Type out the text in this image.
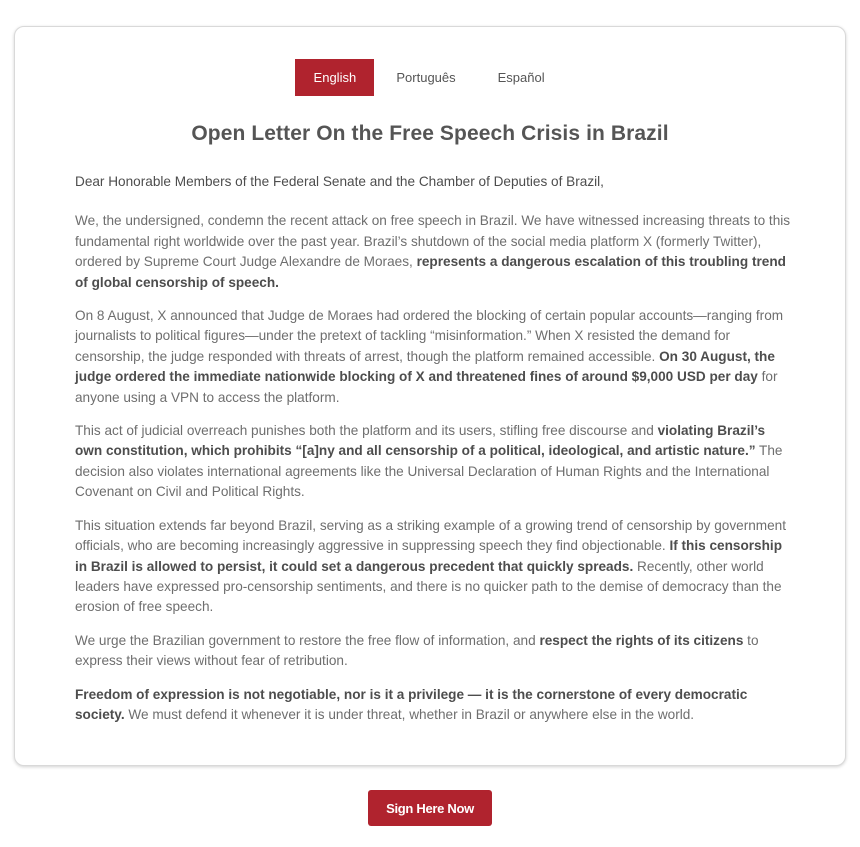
English	Português	Español
Open Letter On the Free Speech Crisis in Brazil

Dear Honorable Members of the Federal Senate and the Chamber of Deputies of Brazil,

We, the undersigned, condemn the recent attack on free speech in Brazil. We have witnessed increasing threats to this fundamental right worldwide over the past year. Brazil’s shutdown of the social media platform X (formerly Twitter), ordered by Supreme Court Judge Alexandre de Moraes, represents a dangerous escalation of this troubling trend of global censorship of speech.

On 8 August, X announced that Judge de Moraes had ordered the blocking of certain popular accounts—ranging from journalists to political figures—under the pretext of tackling “misinformation.” When X resisted the demand for censorship, the judge responded with threats of arrest, though the platform remained accessible. On 30 August, the judge ordered the immediate nationwide blocking of X and threatened fines of around $9,000 USD per day for anyone using a VPN to access the platform.

This act of judicial overreach punishes both the platform and its users, stifling free discourse and violating Brazil’s own constitution, which prohibits “[a]ny and all censorship of a political, ideological, and artistic nature.” The decision also violates international agreements like the Universal Declaration of Human Rights and the International Covenant on Civil and Political Rights.

This situation extends far beyond Brazil, serving as a striking example of a growing trend of censorship by government officials, who are becoming increasingly aggressive in suppressing speech they find objectionable. If this censorship in Brazil is allowed to persist, it could set a dangerous precedent that quickly spreads. Recently, other world leaders have expressed pro-censorship sentiments, and there is no quicker path to the demise of democracy than the erosion of free speech.

We urge the Brazilian government to restore the free flow of information, and respect the rights of its citizens to express their views without fear of retribution.

Freedom of expression is not negotiable, nor is it a privilege — it is the cornerstone of every democratic society. We must defend it whenever it is under threat, whether in Brazil or anywhere else in the world.

Sign Here Now
